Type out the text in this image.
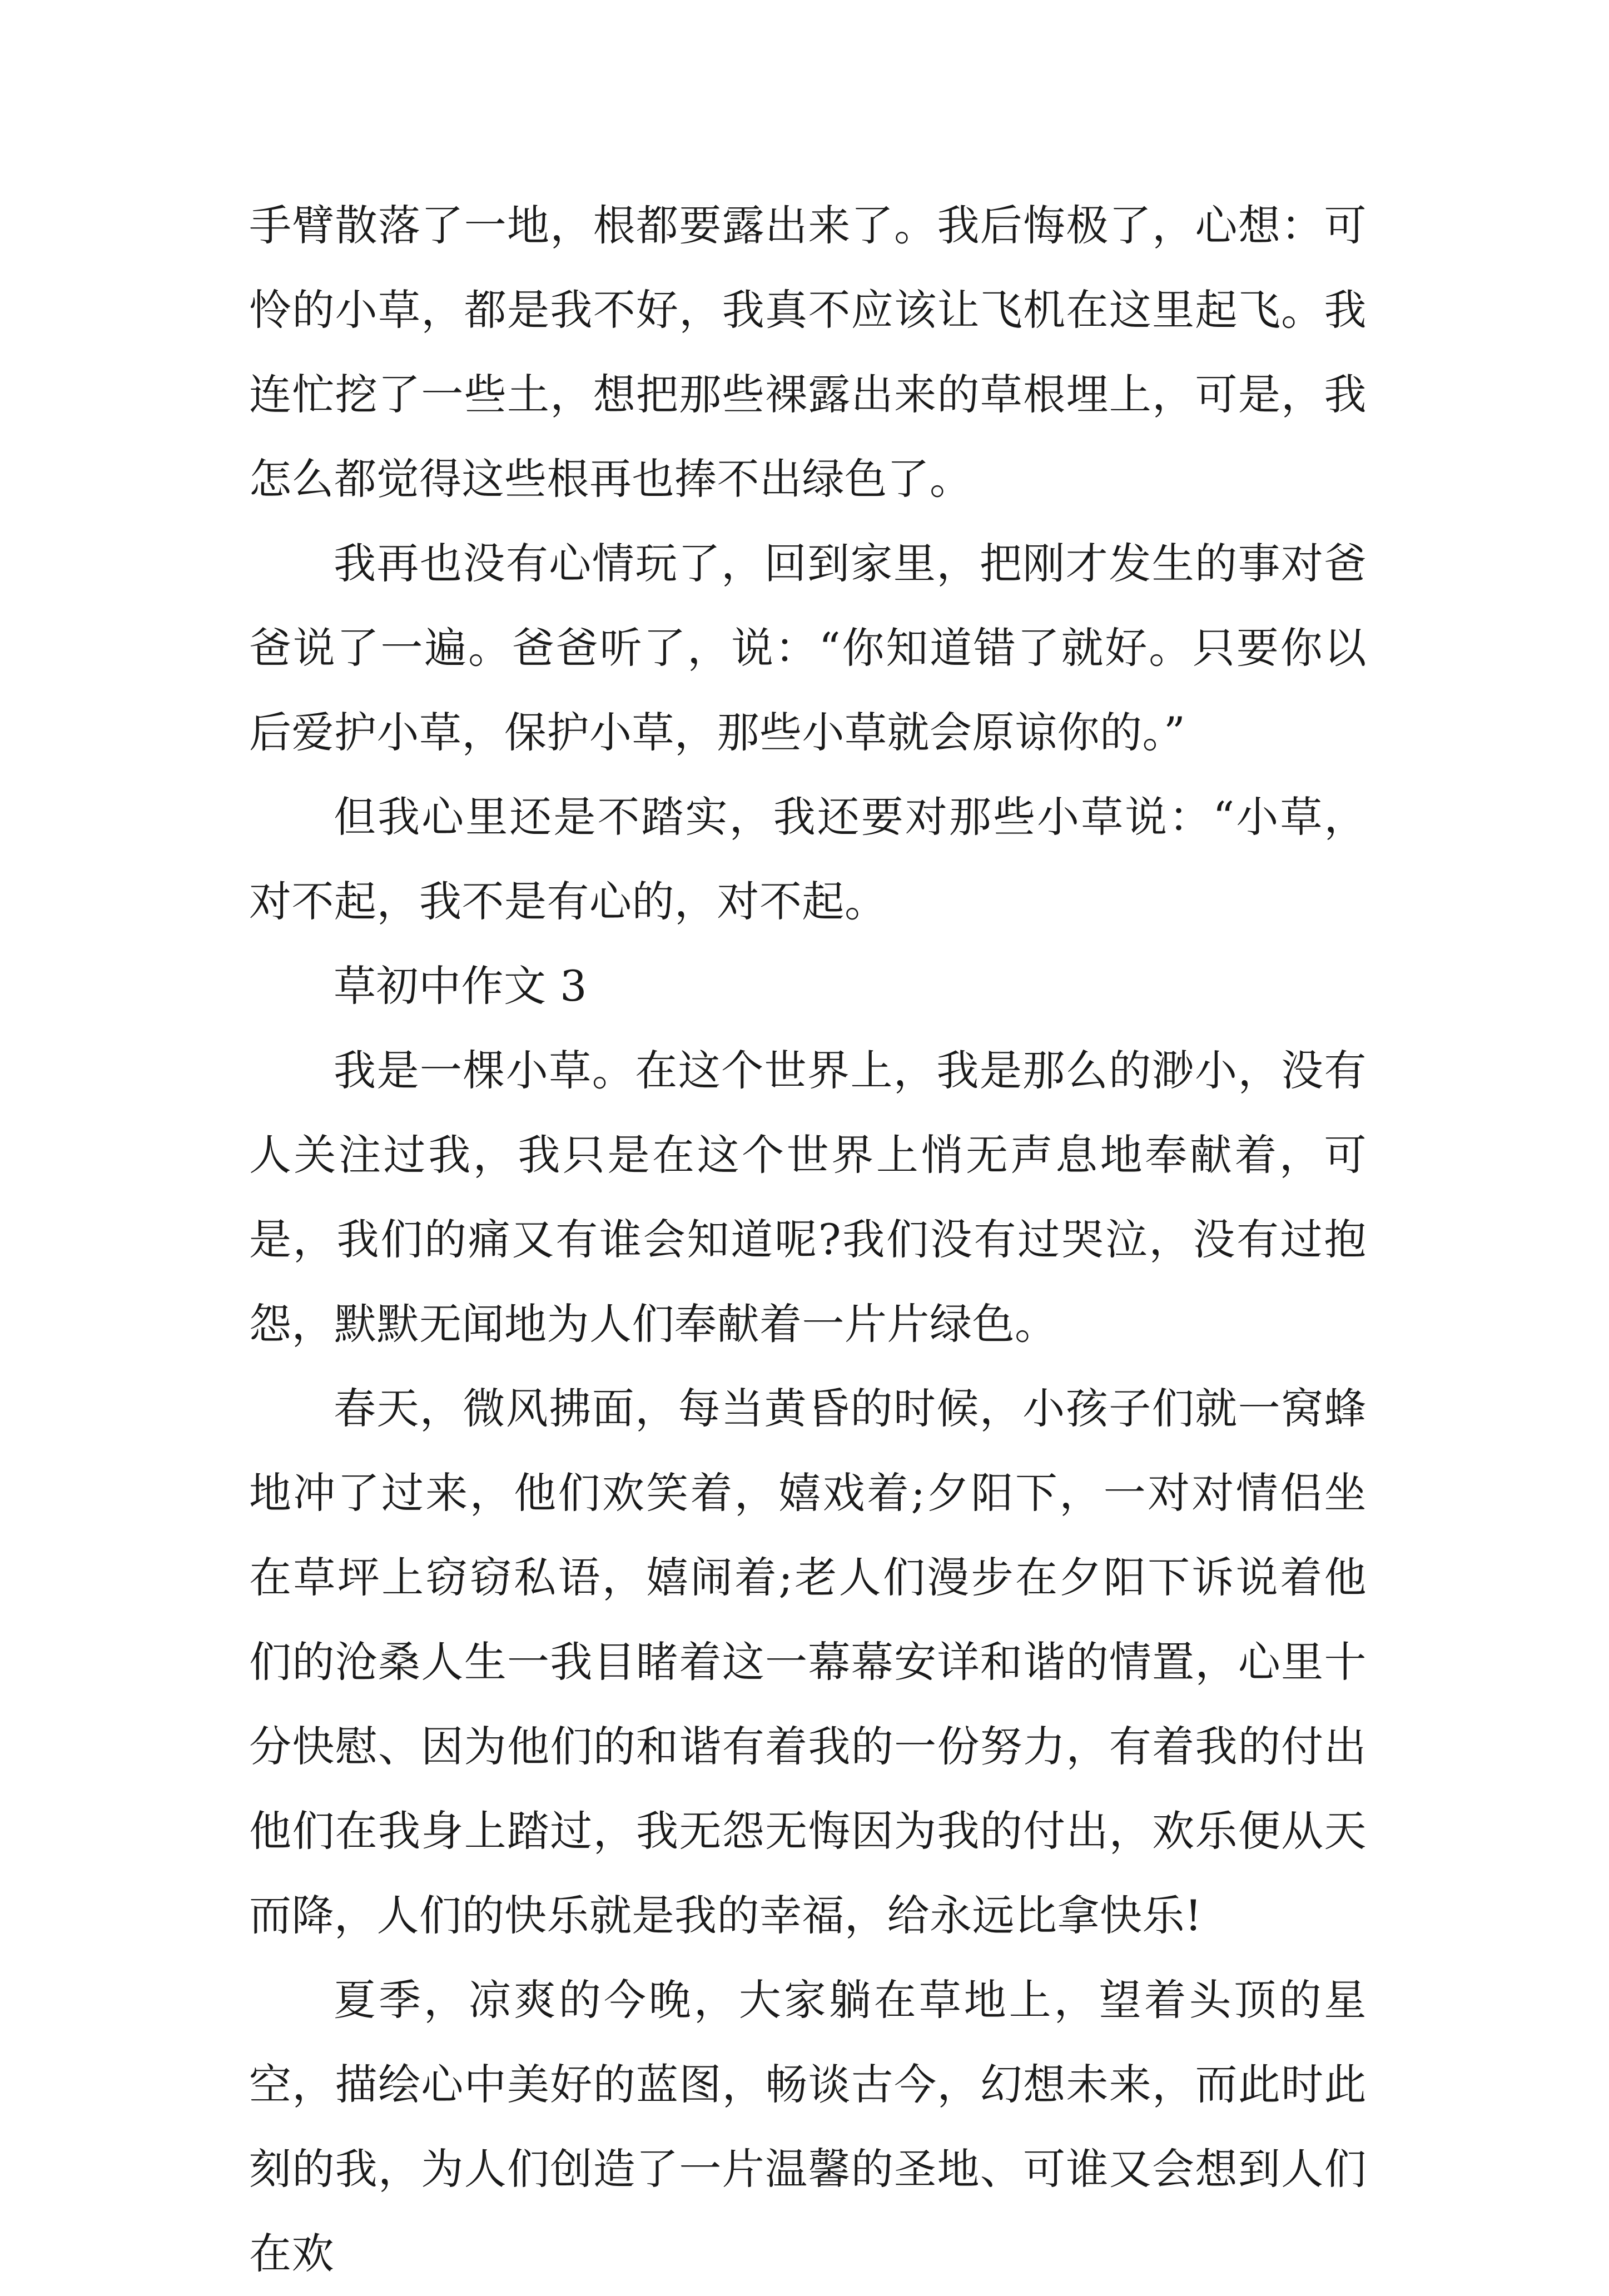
手臂散落了一地，根都要露出来了。我后悔极了，心想：可怜的小草，都是我不好，我真不应该让飞机在这里起飞。我连忙挖了一些土，想把那些裸露出来的草根埋上，可是，我怎么都觉得这些根再也捧不出绿色了。

我再也没有心情玩了，回到家里，把刚才发生的事对爸爸说了一遍。爸爸听了，说：“你知道错了就好。只要你以后爱护小草，保护小草，那些小草就会原谅你的。”

但我心里还是不踏实，我还要对那些小草说：“小草，对不起，我不是有心的，对不起。

草初中作文 3

我是一棵小草。在这个世界上，我是那么的渺小，没有人关注过我，我只是在这个世界上悄无声息地奉献着，可是，我们的痛又有谁会知道呢?我们没有过哭泣，没有过抱怨，默默无闻地为人们奉献着一片片绿色。

春天，微风拂面，每当黄昏的时候，小孩子们就一窝蜂地冲了过来，他们欢笑着，嬉戏着;夕阳下，一对对情侣坐在草坪上窃窃私语，嬉闹着;老人们漫步在夕阳下诉说着他们的沧桑人生一我目睹着这一幕幕安详和谐的情置，心里十分快慰、因为他们的和谐有着我的一份努力，有着我的付出他们在我身上踏过，我无怨无悔因为我的付出，欢乐便从天而降，人们的快乐就是我的幸福，给永远比拿快乐!

夏季，凉爽的今晚，大家躺在草地上，望着头顶的星空，描绘心中美好的蓝图，畅谈古今，幻想未来，而此时此刻的我，为人们创造了一片温馨的圣地、可谁又会想到人们在欢
